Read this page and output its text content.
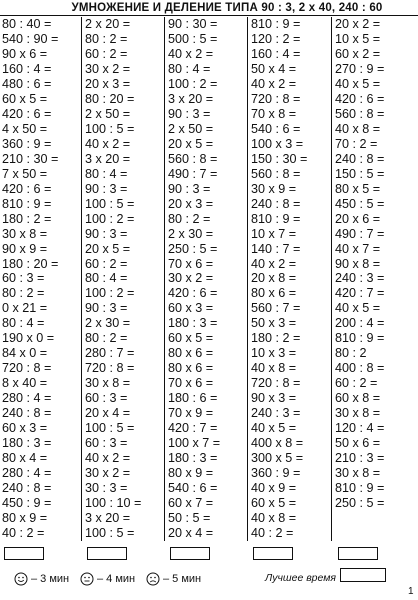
УМНОЖЕНИЕ И ДЕЛЕНИЕ ТИПА 90 : 3, 2 х 40, 240 : 60
80 : 40 =
540 : 90 =
90 х 6 =
160 : 4 =
480 : 6 =
60 х 5 =
420 : 6 =
4 х 50 =
360 : 9 =
210 : 30 =
7 х 50 =
420 : 6 =
810 : 9 =
180 : 2 =
30 х 8 =
90 х 9 =
180 : 20 =
60 : 3 =
80 : 2 =
0 х 21 =
80 : 4 =
190 х 0 =
84 х 0 =
720 : 8 =
8 х 40 =
280 : 4 =
240 : 8 =
60 х 3 =
180 : 3 =
80 х 4 =
280 : 4 =
240 : 8 =
450 : 9 =
80 х 9 =
40 : 2 =
2 х 20 =
80 : 2 =
60 : 2 =
30 х 2 =
20 х 3 =
80 : 20 =
2 х 50 =
100 : 5 =
40 х 2 =
3 х 20 =
80 : 4 =
90 : 3 =
100 : 5 =
100 : 2 =
90 : 3 =
20 х 5 =
60 : 2 =
80 : 4 =
100 : 2 =
90 : 3 =
2 х 30 =
80 : 2 =
280 : 7 =
720 : 8 =
30 х 8 =
60 : 3 =
20 х 4 =
100 : 5 =
60 : 3 =
40 х 2 =
30 х 2 =
30 : 3 =
100 : 10 =
3 х 20 =
100 : 5 =
90 : 30 =
500 : 5 =
40 х 2 =
80 : 4 =
100 : 2 =
3 х 20 =
90 : 3 =
2 х 50 =
20 х 5 =
560 : 8 =
490 : 7 =
90 : 3 =
20 х 3 =
80 : 2 =
2 х 30 =
250 : 5 =
70 х 6 =
30 х 2 =
420 : 6 =
60 х 3 =
180 : 3 =
60 х 5 =
80 х 6 =
80 х 6 =
70 х 6 =
180 : 6 =
70 х 9 =
420 : 7 =
100 х 7 =
180 : 3 =
80 х 9 =
540 : 6 =
60 х 7 =
50 : 5 =
20 х 4 =
810 : 9 =
120 : 2 =
160 : 4 =
50 х 4 =
40 х 2 =
720 : 8 =
70 х 8 =
540 : 6 =
100 х 3 =
150 : 30 =
560 : 8 =
30 х 9 =
240 : 8 =
810 : 9 =
10 х 7 =
140 : 7 =
40 х 2 =
20 х 8 =
80 х 6 =
560 : 7 =
50 х 3 =
180 : 2 =
10 х 3 =
40 х 8 =
720 : 8 =
90 х 3 =
240 : 3 =
40 х 5 =
400 х 8 =
300 х 5 =
360 : 9 =
40 х 9 =
60 х 5 =
40 х 8 =
40 : 2 =
20 х 2 =
10 х 5 =
60 х 2 =
270 : 9 =
40 х 5 =
420 : 6 =
560 : 8 =
40 х 8 =
70 : 2 =
240 : 8 =
150 : 5 =
80 х 5 =
450 : 5 =
20 х 6 =
490 : 7 =
40 х 7 =
90 х 8 =
240 : 3 =
420 : 7 =
40 х 5 =
200 : 4 =
810 : 9 =
80 : 2
400 : 8 =
60 : 2 =
60 х 8 =
30 х 8 =
120 : 4 =
50 х 6 =
210 : 3 =
30 х 8 =
810 : 9 =
250 : 5 =
– 3 мин	– 4 мин	– 5 мин	Лучшее время
1
